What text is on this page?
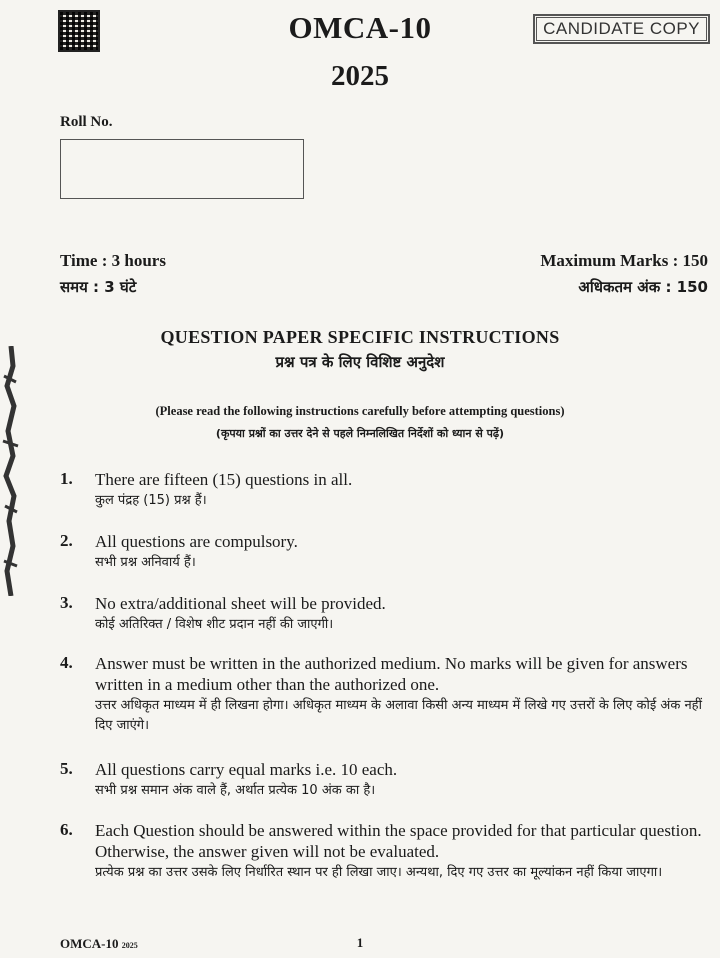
OMCA-10
2025
CANDIDATE COPY
Roll No.
Time : 3 hours
समय : 3 घंटे
Maximum Marks : 150
अधिकतम अंक : 150
QUESTION PAPER SPECIFIC INSTRUCTIONS
प्रश्न पत्र के लिए विशिष्ट अनुदेश
(Please read the following instructions carefully before attempting questions)
(कृपया प्रश्नों का उत्तर देने से पहले निम्नलिखित निर्देशों को ध्यान से पढ़ें)
1. There are fifteen (15) questions in all.
कुल पंद्रह (15) प्रश्न हैं।
2. All questions are compulsory.
सभी प्रश्न अनिवार्य हैं।
3. No extra/additional sheet will be provided.
कोई अतिरिक्त / विशेष शीट प्रदान नहीं की जाएगी।
4. Answer must be written in the authorized medium. No marks will be given for answers written in a medium other than the authorized one.
उत्तर अधिकृत माध्यम में ही लिखना होगा। अधिकृत माध्यम के अलावा किसी अन्य माध्यम में लिखे गए उत्तरों के लिए कोई अंक नहीं दिए जाएंगे।
5. All questions carry equal marks i.e. 10 each.
सभी प्रश्न समान अंक वाले हैं, अर्थात प्रत्येक 10 अंक का है।
6. Each Question should be answered within the space provided for that particular question. Otherwise, the answer given will not be evaluated.
प्रत्येक प्रश्न का उत्तर उसके लिए निर्धारित स्थान पर ही लिखा जाए। अन्यथा, दिए गए उत्तर का मूल्यांकन नहीं किया जाएगा।
OMCA-10 2025	1
